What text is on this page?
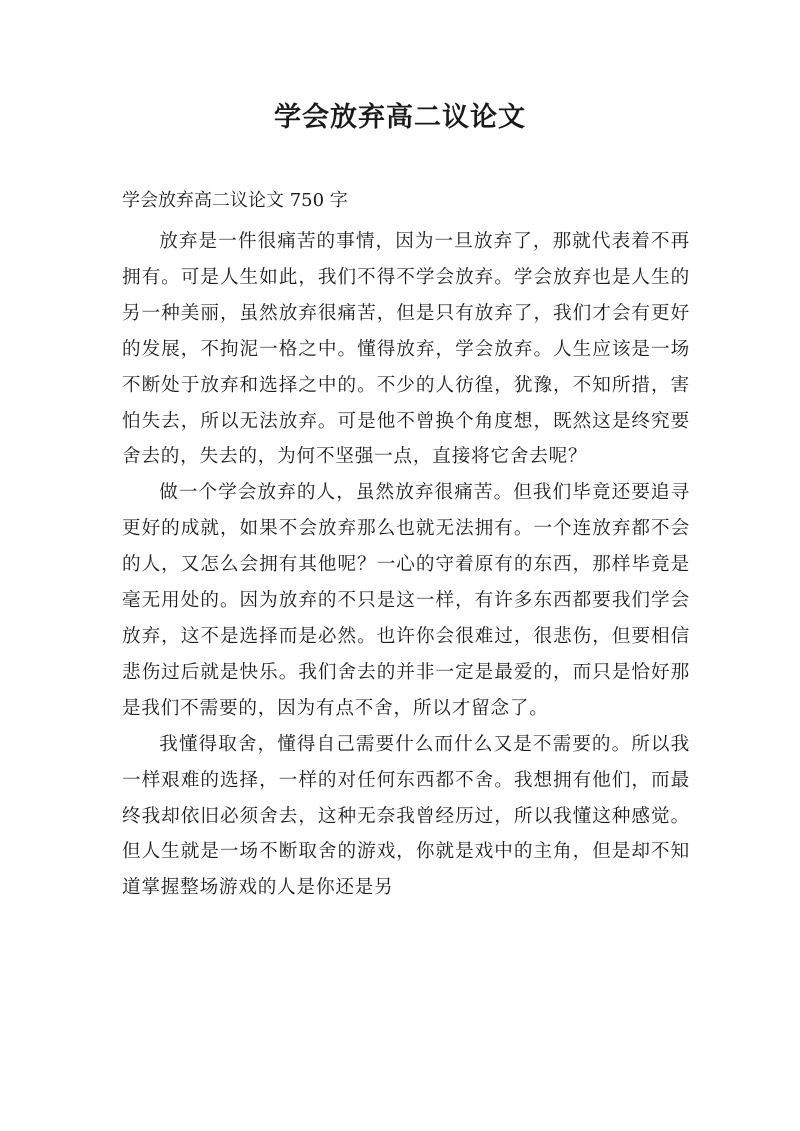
学会放弃高二议论文

学会放弃高二议论文 750 字

放弃是一件很痛苦的事情，因为一旦放弃了，那就代表着不再拥有。可是人生如此，我们不得不学会放弃。学会放弃也是人生的另一种美丽，虽然放弃很痛苦，但是只有放弃了，我们才会有更好的发展，不拘泥一格之中。懂得放弃，学会放弃。人生应该是一场不断处于放弃和选择之中的。不少的人彷徨，犹豫，不知所措，害怕失去，所以无法放弃。可是他不曾换个角度想，既然这是终究要舍去的，失去的，为何不坚强一点，直接将它舍去呢？

做一个学会放弃的人，虽然放弃很痛苦。但我们毕竟还要追寻更好的成就，如果不会放弃那么也就无法拥有。一个连放弃都不会的人，又怎么会拥有其他呢？一心的守着原有的东西，那样毕竟是毫无用处的。因为放弃的不只是这一样，有许多东西都要我们学会放弃，这不是选择而是必然。也许你会很难过，很悲伤，但要相信悲伤过后就是快乐。我们舍去的并非一定是最爱的，而只是恰好那是我们不需要的，因为有点不舍，所以才留念了。

我懂得取舍，懂得自己需要什么而什么又是不需要的。所以我一样艰难的选择，一样的对任何东西都不舍。我想拥有他们，而最终我却依旧必须舍去，这种无奈我曾经历过，所以我懂这种感觉。但人生就是一场不断取舍的游戏，你就是戏中的主角，但是却不知道掌握整场游戏的人是你还是另
